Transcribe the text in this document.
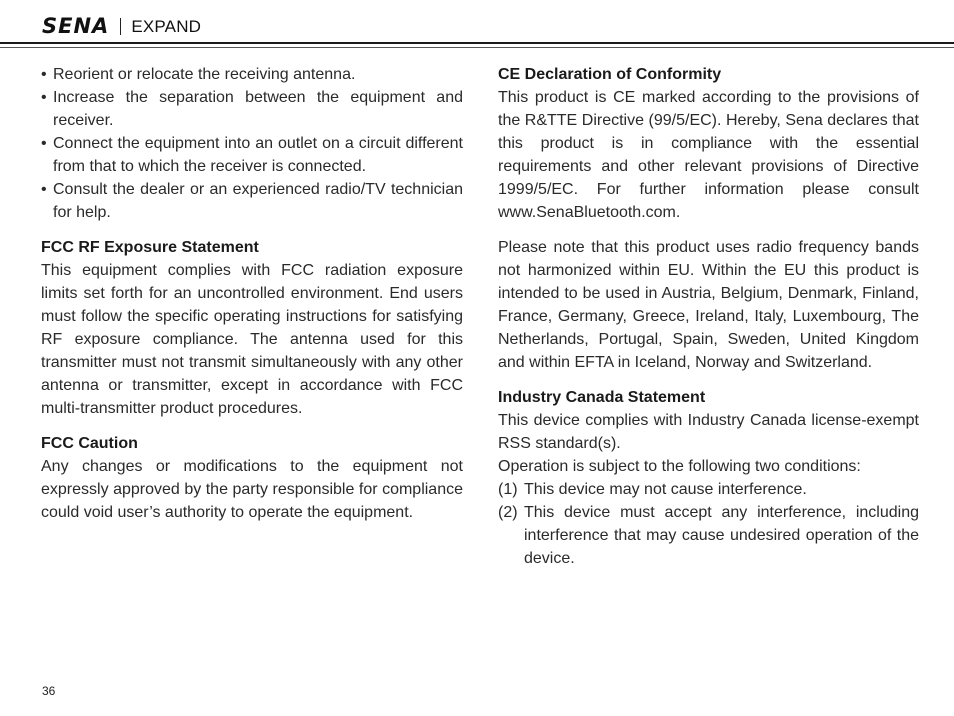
SENA EXPAND
• Reorient or relocate the receiving antenna.
• Increase the separation between the equipment and receiver.
• Connect the equipment into an outlet on a circuit different from that to which the receiver is connected.
• Consult the dealer or an experienced radio/TV technician for help.

FCC RF Exposure Statement

This equipment complies with FCC radiation exposure limits set forth for an uncontrolled environment. End users must follow the specific operating instructions for satisfying RF exposure compliance. The antenna used for this transmitter must not transmit simultaneously with any other antenna or transmitter, except in accordance with FCC multi-transmitter product procedures.

FCC Caution

Any changes or modifications to the equipment not expressly approved by the party responsible for compliance could void user’s authority to operate the equipment.

CE Declaration of Conformity

This product is CE marked according to the provisions of the R&TTE Directive (99/5/EC). Hereby, Sena declares that this product is in compliance with the essential requirements and other relevant provisions of Directive 1999/5/EC. For further information please consult www.SenaBluetooth.com.

Please note that this product uses radio frequency bands not harmonized within EU. Within the EU this product is intended to be used in Austria, Belgium, Denmark, Finland, France, Germany, Greece, Ireland, Italy, Luxembourg, The Netherlands, Portugal, Spain, Sweden, United Kingdom and within EFTA in Iceland, Norway and Switzerland.

Industry Canada Statement

This device complies with Industry Canada license-exempt RSS standard(s).

Operation is subject to the following two conditions:

(1) This device may not cause interference.
(2) This device must accept any interference, including interference that may cause undesired operation of the device.
36
